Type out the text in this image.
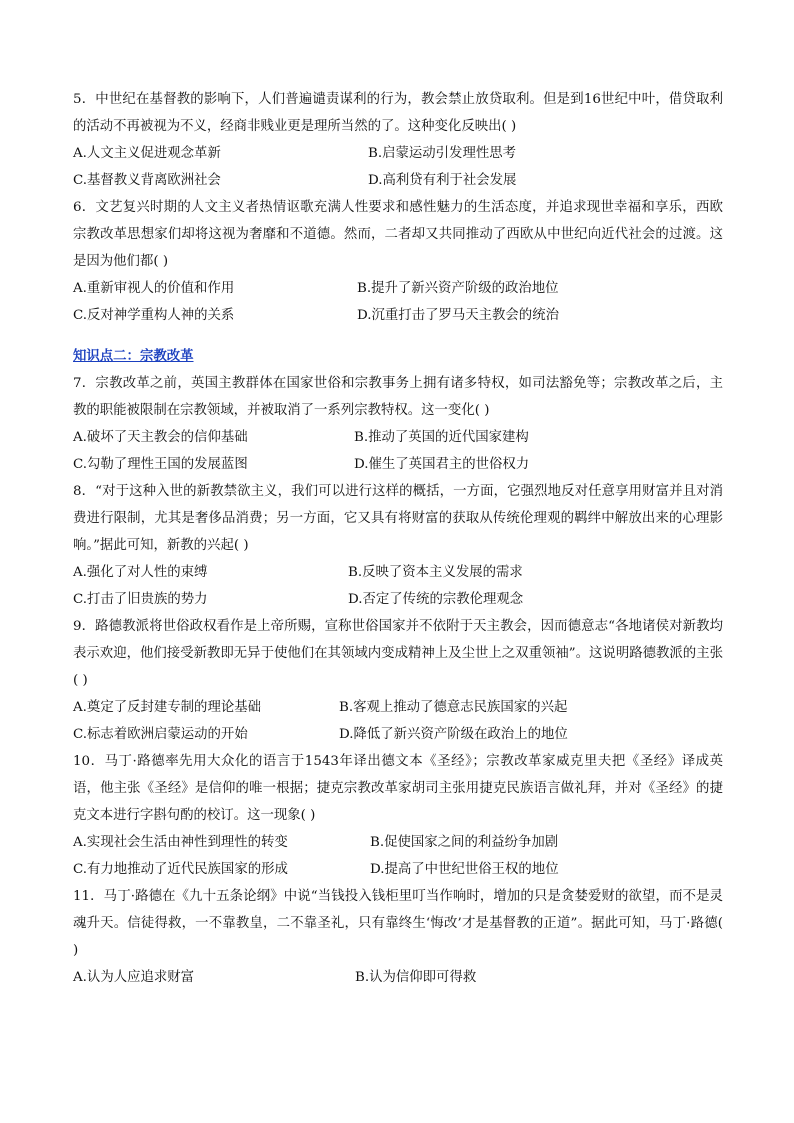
5．中世纪在基督教的影响下，人们普遍谴责谋利的行为，教会禁止放贷取利。但是到16世纪中叶，借贷取利的活动不再被视为不义，经商非贱业更是理所当然的了。这种变化反映出( )

A.人文主义促进观念革新	B.启蒙运动引发理性思考
C.基督教义背离欧洲社会	D.高利贷有利于社会发展

6．文艺复兴时期的人文主义者热情讴歌充满人性要求和感性魅力的生活态度，并追求现世幸福和享乐，西欧宗教改革思想家们却将这视为奢靡和不道德。然而，二者却又共同推动了西欧从中世纪向近代社会的过渡。这是因为他们都( )

A.重新审视人的价值和作用	B.提升了新兴资产阶级的政治地位
C.反对神学重构人神的关系	D.沉重打击了罗马天主教会的统治
知识点二：宗教改革

7．宗教改革之前，英国主教群体在国家世俗和宗教事务上拥有诸多特权，如司法豁免等；宗教改革之后，主教的职能被限制在宗教领域，并被取消了一系列宗教特权。这一变化( )

A.破坏了天主教会的信仰基础	B.推动了英国的近代国家建构
C.勾勒了理性王国的发展蓝图	D.催生了英国君主的世俗权力

8．“对于这种入世的新教禁欲主义，我们可以进行这样的概括，一方面，它强烈地反对任意享用财富并且对消费进行限制，尤其是奢侈品消费；另一方面，它又具有将财富的获取从传统伦理观的羁绊中解放出来的心理影响。”据此可知，新教的兴起( )

A.强化了对人性的束缚	B.反映了资本主义发展的需求
C.打击了旧贵族的势力	D.否定了传统的宗教伦理观念

9．路德教派将世俗政权看作是上帝所赐，宣称世俗国家并不依附于天主教会，因而德意志“各地诸侯对新教均表示欢迎，他们接受新教即无异于使他们在其领域内变成精神上及尘世上之双重领袖”。这说明路德教派的主张( )

A.奠定了反封建专制的理论基础	B.客观上推动了德意志民族国家的兴起
C.标志着欧洲启蒙运动的开始	D.降低了新兴资产阶级在政治上的地位

10．马丁·路德率先用大众化的语言于1543年译出德文本《圣经》；宗教改革家威克里夫把《圣经》译成英语，他主张《圣经》是信仰的唯一根据；捷克宗教改革家胡司主张用捷克民族语言做礼拜，并对《圣经》的捷克文本进行字斟句酌的校订。这一现象( )

A.实现社会生活由神性到理性的转变	B.促使国家之间的利益纷争加剧
C.有力地推动了近代民族国家的形成	D.提高了中世纪世俗王权的地位

11．马丁·路德在《九十五条论纲》中说“当钱投入钱柜里叮当作响时，增加的只是贪婪爱财的欲望，而不是灵魂升天。信徒得救，一不靠教皇，二不靠圣礼，只有靠终生‘悔改’才是基督教的正道”。据此可知，马丁·路德( )

A.认为人应追求财富	B.认为信仰即可得救
